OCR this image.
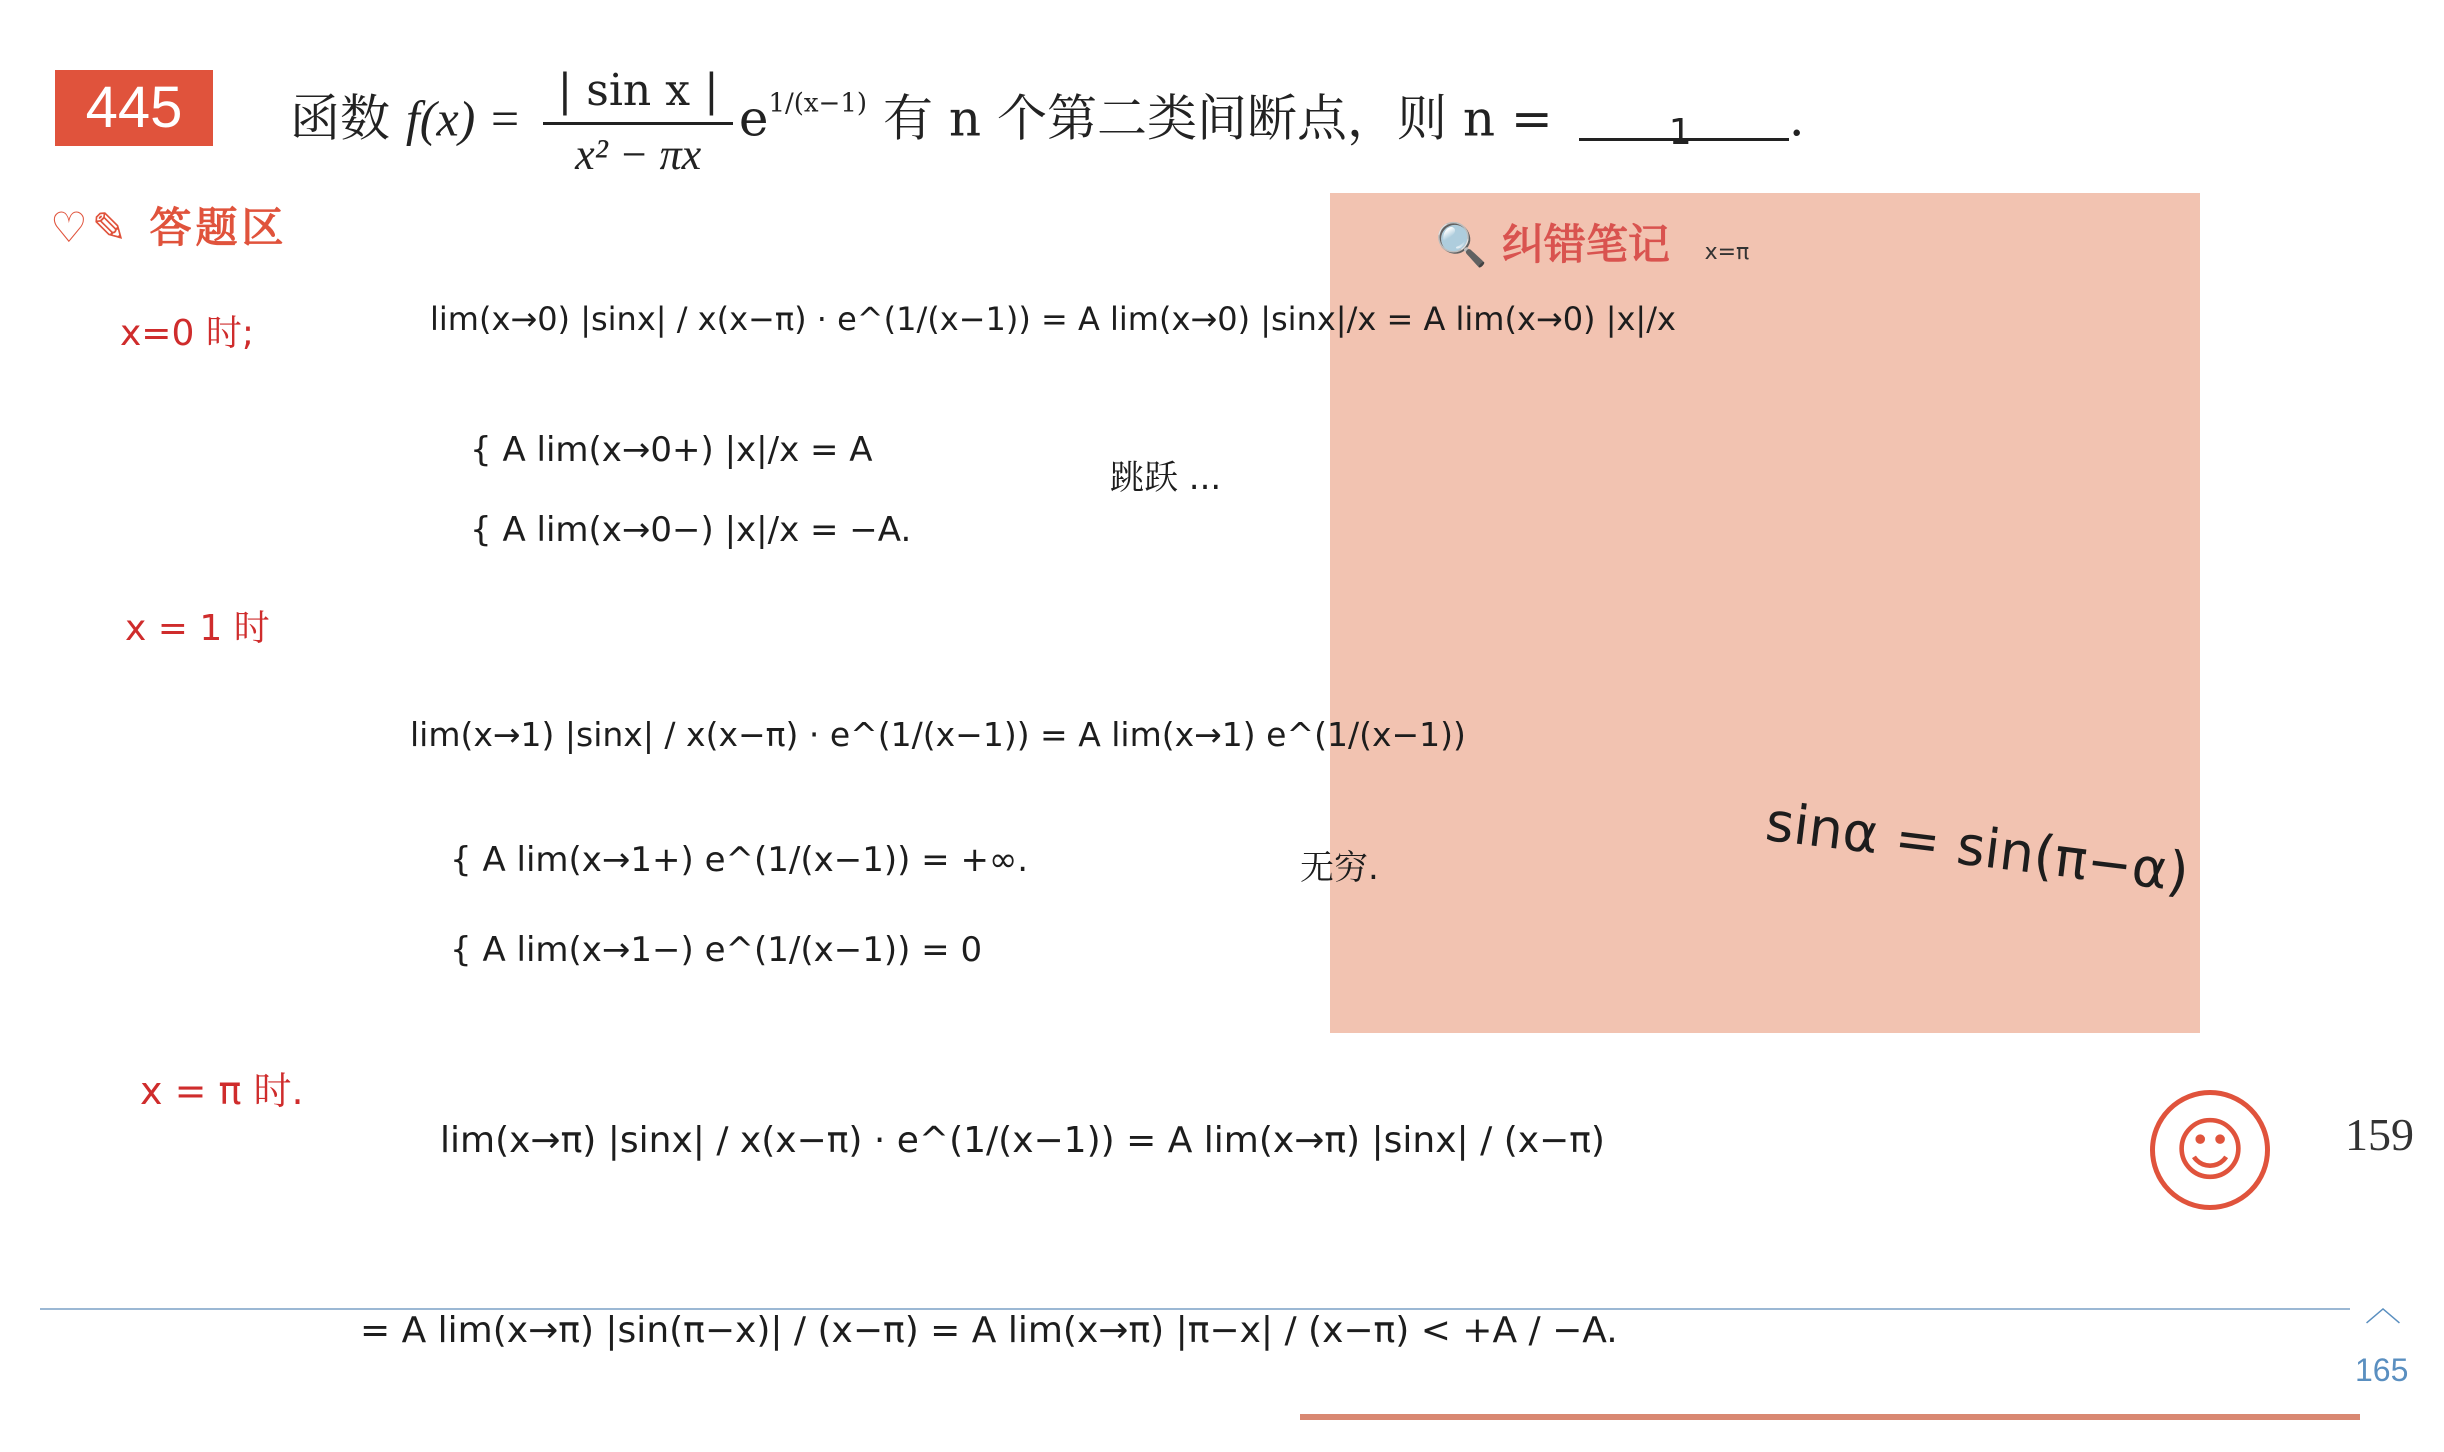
445	函数 $f(x) = \frac{\text{| sin x |}}{\text{x² − πx}} e^{1/(x-1)}$ 有 n 个第二类间断点，则 n =	1 .
♡✎ 答题区	🔍 纠错笔记 x=π
x=0 时;	lim(x→0) |sinx| / x(x−π) · e^(1/(x−1)) = A lim(x→0) |sinx|/x = A lim(x→0) |x|/x
{ A lim(x→0+) |x|/x = A
{ A lim(x→0−) |x|/x = −A.
跳跃 ...
x = 1 时
lim(x→1) |sinx| / x(x−π) · e^(1/(x−1)) = A lim(x→1) e^(1/(x−1))
{ A lim(x→1+) e^(1/(x−1)) = +∞.
{ A lim(x→1−) e^(1/(x−1)) = 0
无穷.	sinα = sin(π−α)
x = π 时.
lim(x→π) |sinx| / x(x−π) · e^(1/(x−1)) = A lim(x→π) |sinx| / (x−π)	159
= A lim(x→π) |sin(π−x)| / (x−π) = A lim(x→π) |π−x| / (x−π) < +A / −A.
☺
︿
165
